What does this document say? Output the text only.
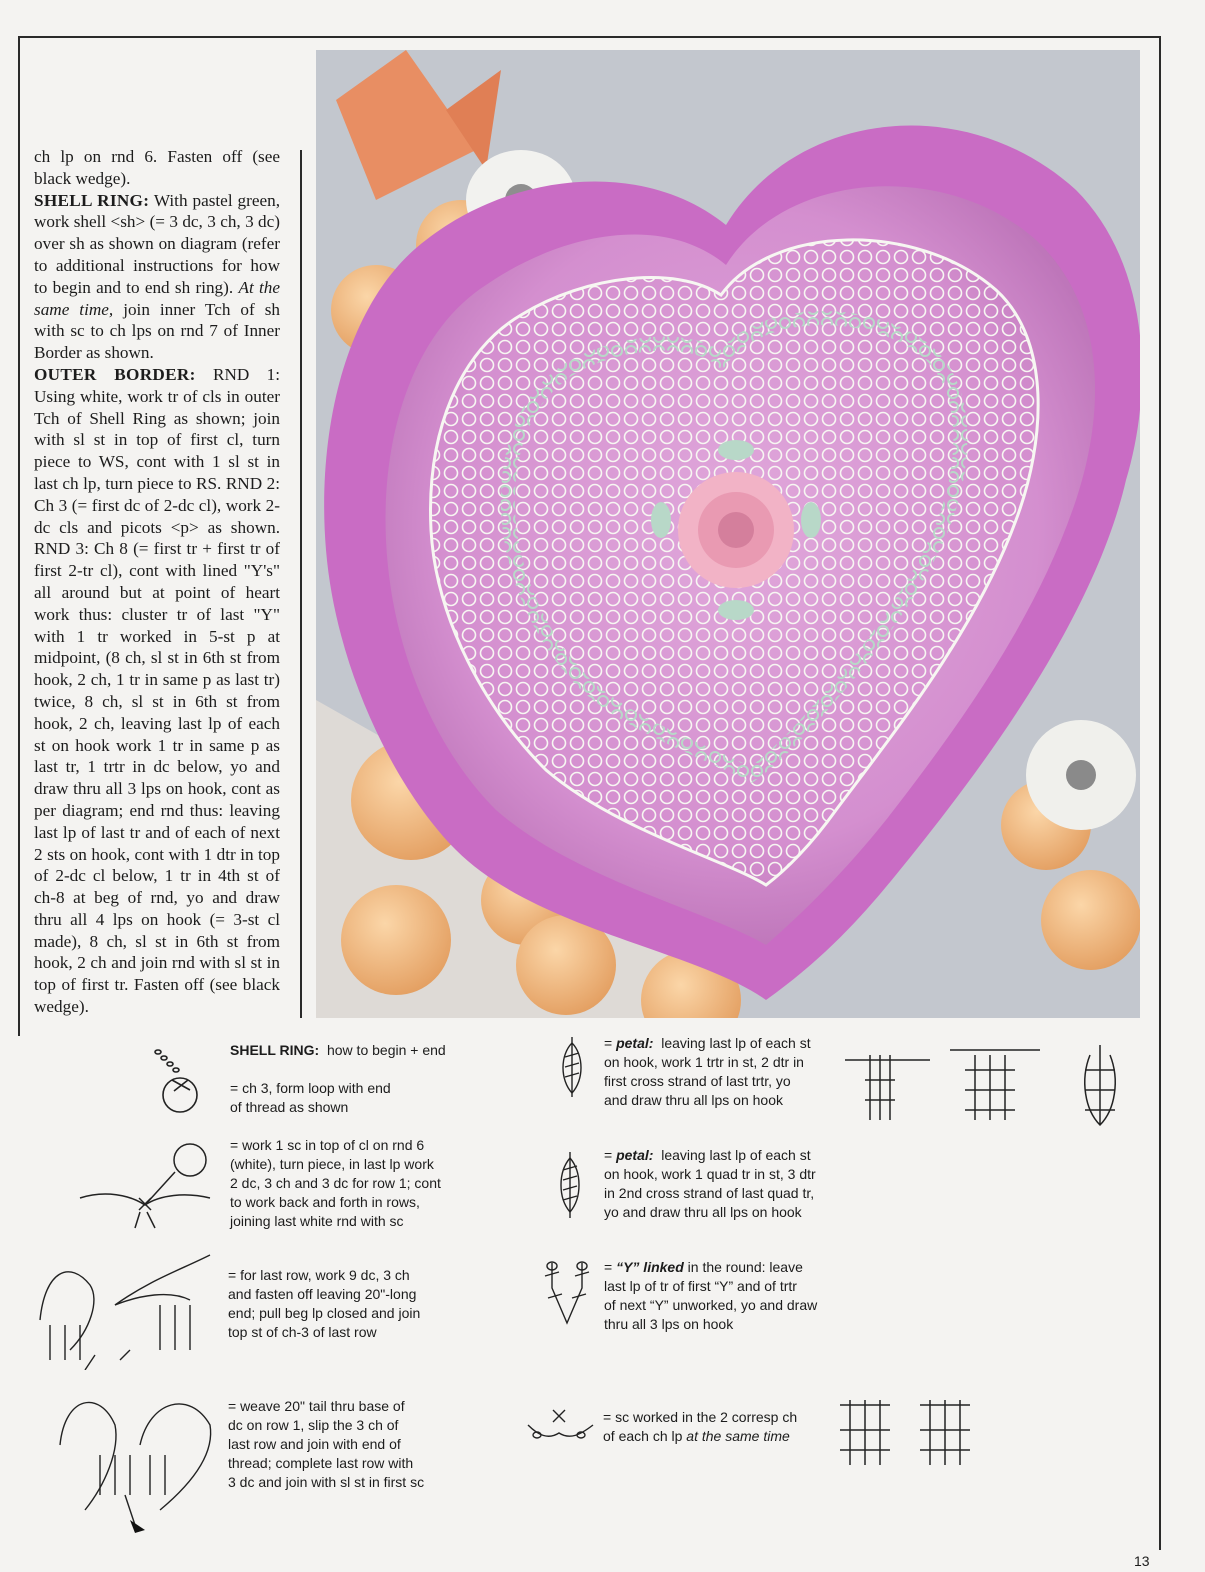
ch lp on rnd 6. Fasten off (see black wedge).

SHELL RING: With pastel green, work shell <sh> (= 3 dc, 3 ch, 3 dc) over sh as shown on diagram (refer to additional instructions for how to begin and to end sh ring). At the same time, join inner Tch of sh with sc to ch lps on rnd 7 of Inner Border as shown.

OUTER BORDER: RND 1: Using white, work tr of cls in outer Tch of Shell Ring as shown; join with sl st in top of first cl, turn piece to WS, cont with 1 sl st in last ch lp, turn piece to RS. RND 2: Ch 3 (= first dc of 2-dc cl), work 2-dc cls and picots <p> as shown. RND 3: Ch 8 (= first tr + first tr of first 2-tr cl), cont with lined "Y's" all around but at point of heart work thus: cluster tr of last "Y" with 1 tr worked in 5-st p at midpoint, (8 ch, sl st in 6th st from hook, 2 ch, 1 tr in same p as last tr) twice, 8 ch, sl st in 6th st from hook, 2 ch, leaving last lp of each st on hook work 1 tr in same p as last tr, 1 trtr in dc below, yo and draw thru all 3 lps on hook, cont as per diagram; end rnd thus: leaving last lp of last tr and of each of next 2 sts on hook, cont with 1 dtr in top of 2-dc cl below, 1 tr in 4th st of ch-8 at beg of rnd, yo and draw thru all 4 lps on hook (= 3-st cl made), 8 ch, sl st in 6th st from hook, 2 ch and join rnd with sl st in top of first tr. Fasten off (see black wedge).

SHELL RING: how to begin + end
= ch 3, form loop with end
of thread as shown
= work 1 sc in top of cl on rnd 6
(white), turn piece, in last lp work
2 dc, 3 ch and 3 dc for row 1; cont
to work back and forth in rows,
joining last white rnd with sc
= for last row, work 9 dc, 3 ch
and fasten off leaving 20"-long
end; pull beg lp closed and join
top st of ch-3 of last row
= weave 20" tail thru base of
dc on row 1, slip the 3 ch of
last row and join with end of
thread; complete last row with
3 dc and join with sl st in first sc
= petal: leaving last lp of each st
on hook, work 1 trtr in st, 2 dtr in
first cross strand of last trtr, yo
and draw thru all lps on hook
= petal: leaving last lp of each st
on hook, work 1 quad tr in st, 3 dtr
in 2nd cross strand of last quad tr,
yo and draw thru all lps on hook
= “Y” linked in the round: leave
last lp of tr of first “Y” and of trtr
of next “Y” unworked, yo and draw
thru all 3 lps on hook
= sc worked in the 2 corresp ch
of each ch lp at the same time
13
